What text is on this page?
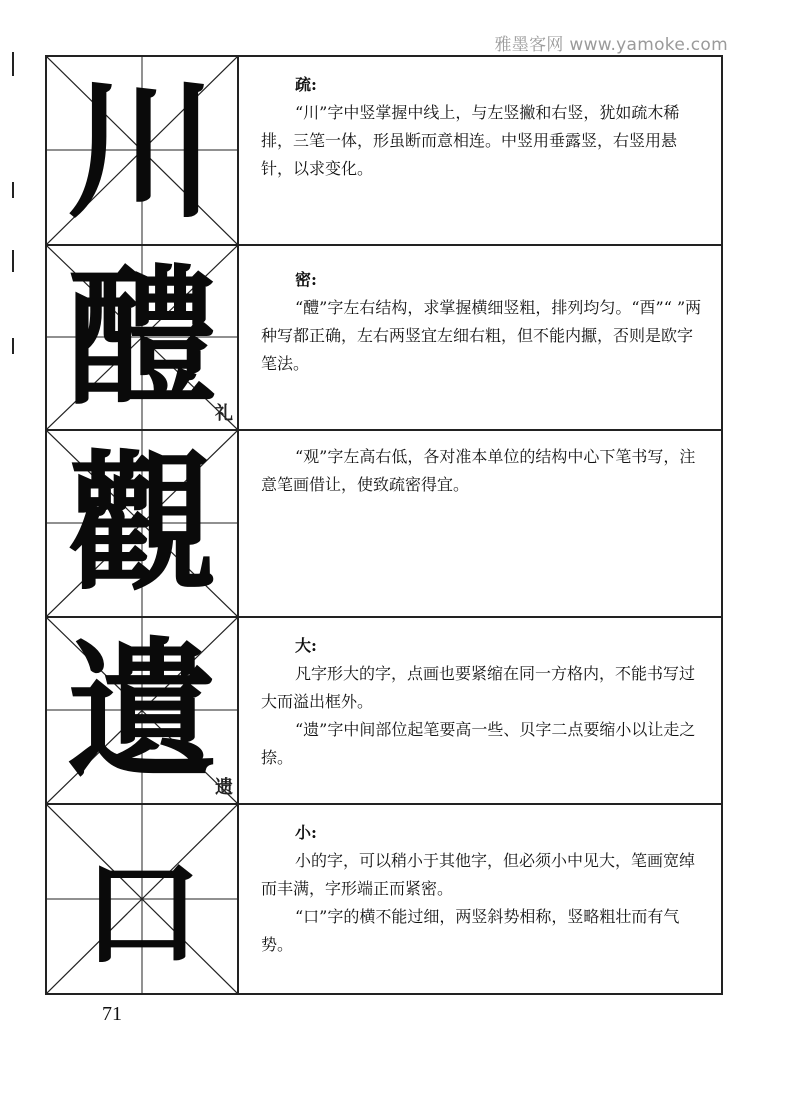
雅墨客网 www.yamoke.com
川	疏:

“川”字中竖掌握中线上，与左竖撇和右竖，犹如疏木稀排，三笔一体，形虽断而意相连。中竖用垂露竖，右竖用悬针，以求变化。

醴
礼
密:

“醴”字左右结构，求掌握横细竖粗，排列均匀。“酉”“ ”两种写都正确，左右两竖宜左细右粗，但不能内擫，否则是欧字笔法。

觀	“观”字左高右低，各对准本单位的结构中心下笔书写，注意笔画借让，使致疏密得宜。

遺
遗
大:

凡字形大的字，点画也要紧缩在同一方格内，不能书写过大而溢出框外。

“遗”字中间部位起笔要高一些、贝字二点要缩小以让走之捺。

口
小:

小的字，可以稍小于其他字，但必须小中见大，笔画宽绰而丰满，字形端正而紧密。

“口”字的横不能过细，两竖斜势相称，竖略粗壮而有气势。

71
